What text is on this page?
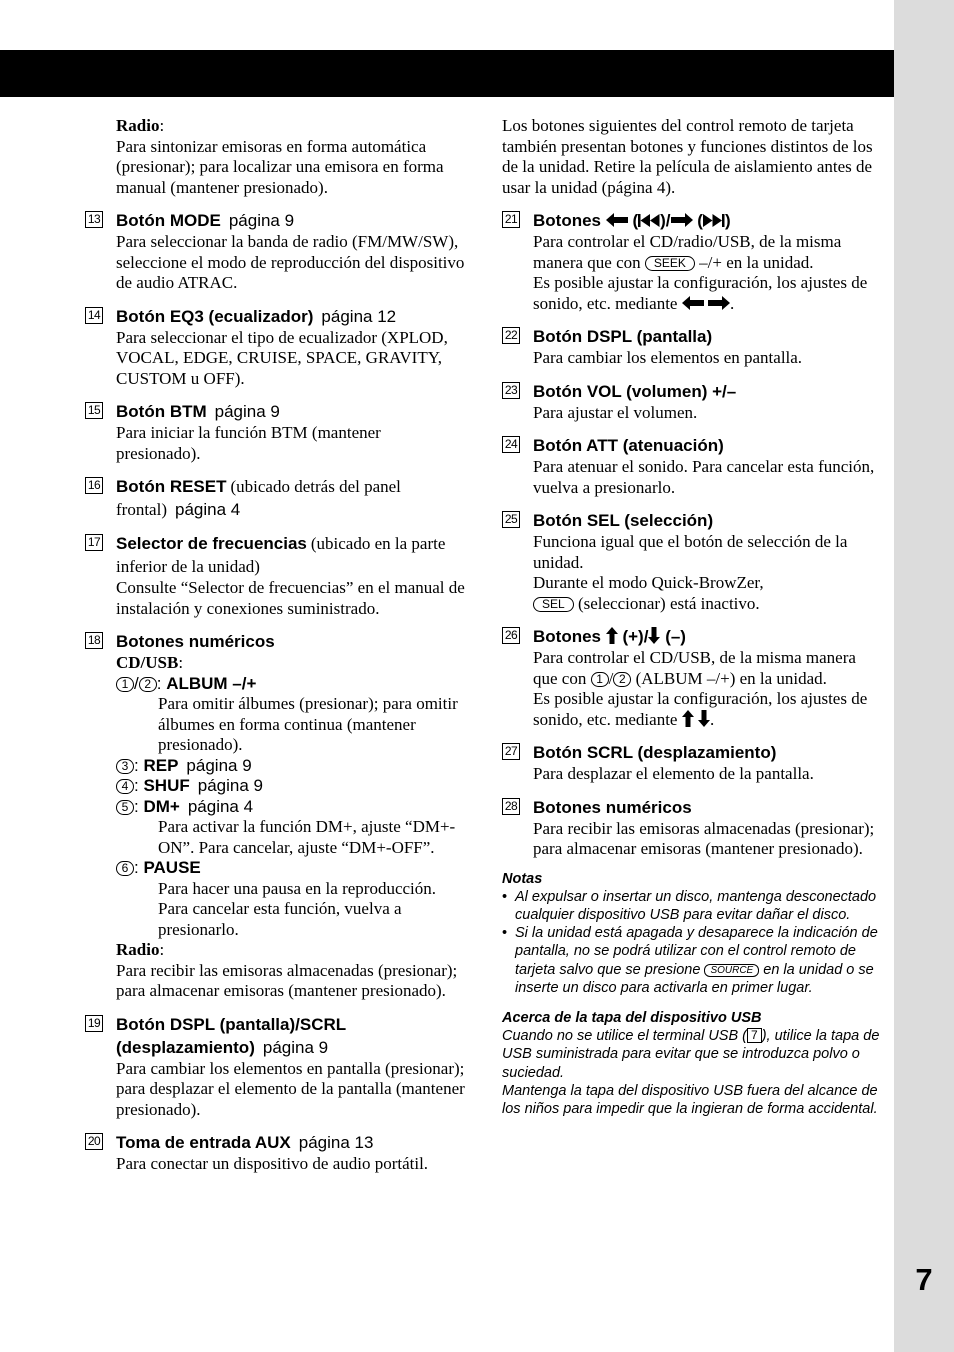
7

Radio:

Para sintonizar emisoras en forma automática (presionar); para localizar una emisora en forma manual (mantener presionado).

13 Botón MODE página 9

Para seleccionar la banda de radio (FM/MW/SW), seleccione el modo de reproducción del dispositivo de audio ATRAC.

14 Botón EQ3 (ecualizador) página 12

Para seleccionar el tipo de ecualizador (XPLOD, VOCAL, EDGE, CRUISE, SPACE, GRAVITY, CUSTOM u OFF).

15 Botón BTM página 9

Para iniciar la función BTM (mantener presionado).

16 Botón RESET (ubicado detrás del panel frontal) página 4
17 Selector de frecuencias (ubicado en la parte inferior de la unidad)

Consulte “Selector de frecuencias” en el manual de instalación y conexiones suministrado.

18 Botones numéricos

CD/USB:

1 / 2 : ALBUM –/+

Para omitir álbumes (presionar); para omitir álbumes en forma continua (mantener presionado).

3 : REP página 9
4 : SHUF página 9
5 : DM+ página 4

Para activar la función DM+, ajuste “DM+-ON”. Para cancelar, ajuste “DM+-OFF”.

6 : PAUSE

Para hacer una pausa en la reproducción. Para cancelar esta función, vuelva a presionarlo.

Radio:

Para recibir las emisoras almacenadas (presionar); para almacenar emisoras (mantener presionado).

19 Botón DSPL (pantalla)/SCRL (desplazamiento) página 9

Para cambiar los elementos en pantalla (presionar); para desplazar el elemento de la pantalla (mantener presionado).

20 Toma de entrada AUX página 13

Para conectar un dispositivo de audio portátil.

Los botones siguientes del control remoto de tarjeta también presentan botones y funciones distintos de los de la unidad. Retire la película de aislamiento antes de usar la unidad (página 4).

21 Botones ( )/ ( )

Para controlar el CD/radio/USB, de la misma manera que con SEEK –/+ en la unidad.

Es posible ajustar la configuración, los ajustes de sonido, etc. mediante	.

22 Botón DSPL (pantalla)

Para cambiar los elementos en pantalla.

23 Botón VOL (volumen) +/–

Para ajustar el volumen.

24 Botón ATT (atenuación)

Para atenuar el sonido. Para cancelar esta función, vuelva a presionarlo.

25 Botón SEL (selección)

Funciona igual que el botón de selección de la unidad.

Durante el modo Quick-BrowZer,

SEL (seleccionar) está inactivo.

26 Botones (+)/ (–)

Para controlar el CD/USB, de la misma manera que con 1 / 2 (ALBUM –/+) en la unidad.

Es posible ajustar la configuración, los ajustes de sonido, etc. mediante .

27 Botón SCRL (desplazamiento)

Para desplazar el elemento de la pantalla.

28 Botones numéricos

Para recibir las emisoras almacenadas (presionar); para almacenar emisoras (mantener presionado).

Notas
• Al expulsar o insertar un disco, mantenga desconectado cualquier dispositivo USB para evitar dañar el disco.
• Si la unidad está apagada y desaparece la indicación de pantalla, no se podrá utilizar con el control remoto de tarjeta salvo que se presione SOURCE en la unidad o se inserte un disco para activarla en primer lugar.
Acerca de la tapa del dispositivo USB
Cuando no se utilice el terminal USB ( 7 ), utilice la tapa de USB suministrada para evitar que se introduzca polvo o suciedad.
Mantenga la tapa del dispositivo USB fuera del alcance de los niños para impedir que la ingieran de forma accidental.
